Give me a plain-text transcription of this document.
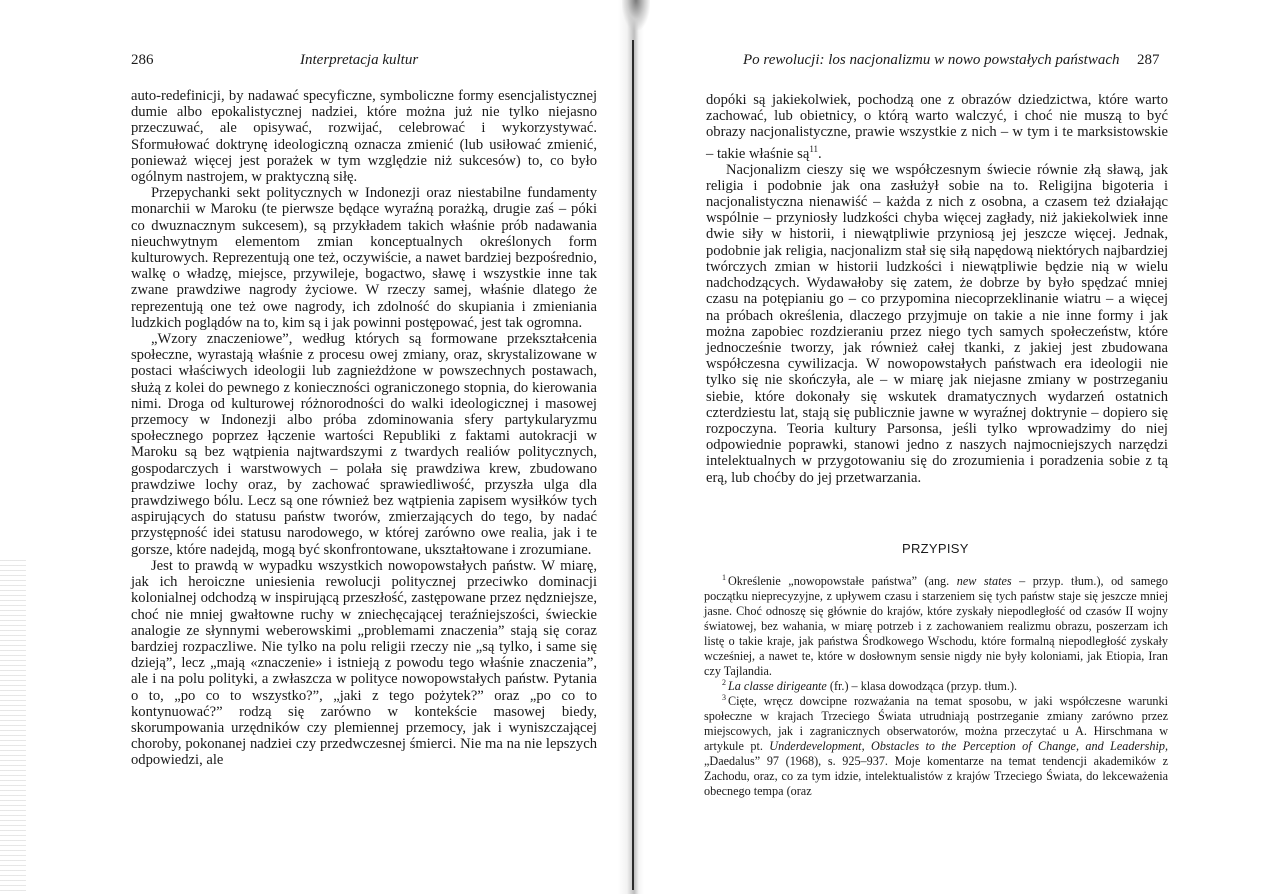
286	Interpretacja kultur

auto-redefinicji, by nadawać specyficzne, symboliczne formy esencjalistycznej dumie albo epokalistycznej nadziei, które można już nie tylko niejasno przeczuwać, ale opisywać, rozwijać, celebrować i wykorzystywać. Sformułować doktrynę ideologiczną oznacza zmienić (lub usiłować zmienić, ponieważ więcej jest porażek w tym względzie niż sukcesów) to, co było ogólnym nastrojem, w praktyczną siłę.

Przepychanki sekt politycznych w Indonezji oraz niestabilne fundamenty monarchii w Maroku (te pierwsze będące wyraźną porażką, drugie zaś – póki co dwuznacznym sukcesem), są przykładem takich właśnie prób nadawania nieuchwytnym elementom zmian konceptualnych określonych form kulturowych. Reprezentują one też, oczywiście, a nawet bardziej bezpośrednio, walkę o władzę, miejsce, przywileje, bogactwo, sławę i wszystkie inne tak zwane prawdziwe nagrody życiowe. W rzeczy samej, właśnie dlatego że reprezentują one też owe nagrody, ich zdolność do skupiania i zmieniania ludzkich poglądów na to, kim są i jak powinni postępować, jest tak ogromna.

„Wzory znaczeniowe”, według których są formowane przekształcenia społeczne, wyrastają właśnie z procesu owej zmiany, oraz, skrystalizowane w postaci właściwych ideologii lub zagnieżdżone w powszechnych postawach, służą z kolei do pewnego z konieczności ograniczonego stopnia, do kierowania nimi. Droga od kulturowej różnorodności do walki ideologicznej i masowej przemocy w Indonezji albo próba zdominowania sfery partykularyzmu społecznego poprzez łączenie wartości Republiki z faktami autokracji w Maroku są bez wątpienia najtwardszymi z twardych realiów politycznych, gospodarczych i warstwowych – polała się prawdziwa krew, zbudowano prawdziwe lochy oraz, by zachować sprawiedliwość, przyszła ulga dla prawdziwego bólu. Lecz są one również bez wątpienia zapisem wysiłków tych aspirujących do statusu państw tworów, zmierzających do tego, by nadać przystępność idei statusu narodowego, w której zarówno owe realia, jak i te gorsze, które nadejdą, mogą być skonfrontowane, ukształtowane i zrozumiane.

Jest to prawdą w wypadku wszystkich nowopowstałych państw. W miarę, jak ich heroiczne uniesienia rewolucji politycznej przeciwko dominacji kolonialnej odchodzą w inspirującą przeszłość, zastępowane przez nędzniejsze, choć nie mniej gwałtowne ruchy w zniechęcającej teraźniejszości, świeckie analogie ze słynnymi weberowskimi „problemami znaczenia” stają się coraz bardziej rozpaczliwe. Nie tylko na polu religii rzeczy nie „są tylko, i same się dzieją”, lecz „mają «znaczenie» i istnieją z powodu tego właśnie znaczenia”, ale i na polu polityki, a zwłaszcza w polityce nowopowstałych państw. Pytania o to, „po co to wszystko?”, „jaki z tego pożytek?” oraz „po co to kontynuować?” rodzą się zarówno w kontekście masowej biedy, skorumpowania urzędników czy plemiennej przemocy, jak i wyniszczającej choroby, pokonanej nadziei czy przedwczesnej śmierci. Nie ma na nie lepszych odpowiedzi, ale

Po rewolucji: los nacjonalizmu w nowo powstałych państwach 287

dopóki są jakiekolwiek, pochodzą one z obrazów dziedzictwa, które warto zachować, lub obietnicy, o którą warto walczyć, i choć nie muszą to być obrazy nacjonalistyczne, prawie wszystkie z nich – w tym i te marksistowskie – takie właśnie są$^{11}$.

Nacjonalizm cieszy się we współczesnym świecie równie złą sławą, jak religia i podobnie jak ona zasłużył sobie na to. Religijna bigoteria i nacjonalistyczna nienawiść – każda z nich z osobna, a czasem też działając wspólnie – przyniosły ludzkości chyba więcej zagłady, niż jakiekolwiek inne dwie siły w historii, i niewątpliwie przyniosą jej jeszcze więcej. Jednak, podobnie jak religia, nacjonalizm stał się siłą napędową niektórych najbardziej twórczych zmian w historii ludzkości i niewątpliwie będzie nią w wielu nadchodzących. Wydawałoby się zatem, że dobrze by było spędzać mniej czasu na potępianiu go – co przypomina niecoprzeklinanie wiatru – a więcej na próbach określenia, dlaczego przyjmuje on takie a nie inne formy i jak można zapobiec rozdzieraniu przez niego tych samych społeczeństw, które jednocześnie tworzy, jak również całej tkanki, z jakiej jest zbudowana współczesna cywilizacja. W nowopowstałych państwach era ideologii nie tylko się nie skończyła, ale – w miarę jak niejasne zmiany w postrzeganiu siebie, które dokonały się wskutek dramatycznych wydarzeń ostatnich czterdziestu lat, stają się publicznie jawne w wyraźnej doktrynie – dopiero się rozpoczyna. Teoria kultury Parsonsa, jeśli tylko wprowadzimy do niej odpowiednie poprawki, stanowi jedno z naszych najmocniejszych narzędzi intelektualnych w przygotowaniu się do zrozumienia i poradzenia sobie z tą erą, lub choćby do jej przetwarzania.

PRZYPISY

$^1$ Określenie „nowopowstałe państwa” (ang. new states – przyp. tłum.), od samego początku nieprecyzyjne, z upływem czasu i starzeniem się tych państw staje się jeszcze mniej jasne. Choć odnoszę się głównie do krajów, które zyskały niepodległość od czasów II wojny światowej, bez wahania, w miarę potrzeb i z zachowaniem realizmu obrazu, poszerzam ich listę o takie kraje, jak państwa Środkowego Wschodu, które formalną niepodległość zyskały wcześniej, a nawet te, które w dosłownym sensie nigdy nie były koloniami, jak Etiopia, Iran czy Tajlandia.

$^2$ La classe dirigeante (fr.) – klasa dowodząca (przyp. tłum.).

$^3$ Cięte, wręcz dowcipne rozważania na temat sposobu, w jaki współczesne warunki społeczne w krajach Trzeciego Świata utrudniają postrzeganie zmiany zarówno przez miejscowych, jak i zagranicznych obserwatorów, można przeczytać u A. Hirschmana w artykule pt. Underdevelopment, Obstacles to the Perception of Change, and Leadership, „Daedalus” 97 (1968), s. 925–937. Moje komentarze na temat tendencji akademików z Zachodu, oraz, co za tym idzie, intelektualistów z krajów Trzeciego Świata, do lekceważenia obecnego tempa (oraz
